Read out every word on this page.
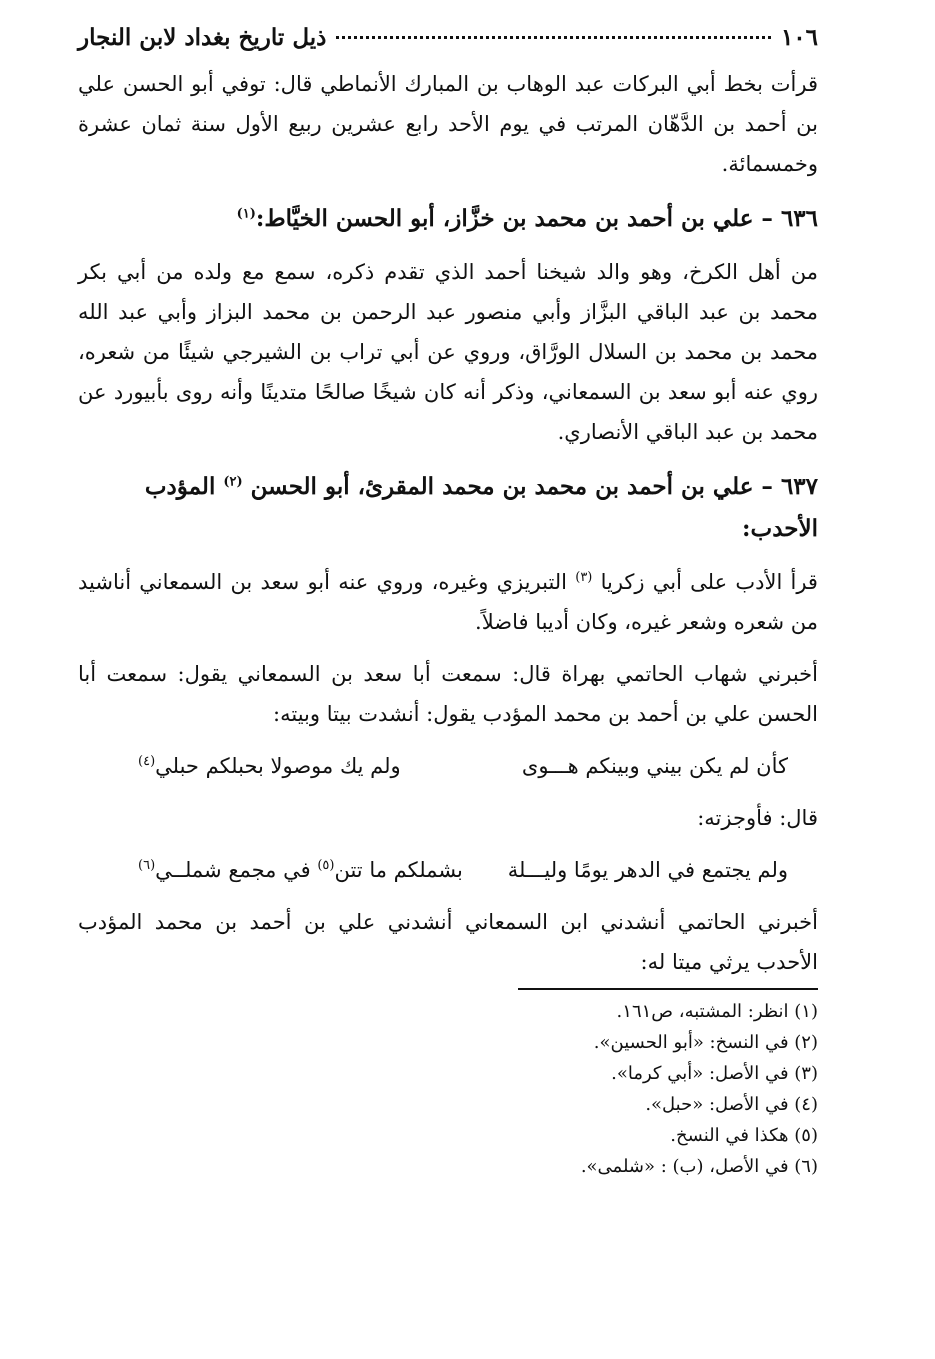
١٠٦
ذيل تاريخ بغداد لابن النجار

قرأت بخط أبي البركات عبد الوهاب بن المبارك الأنماطي قال: توفي أبو الحسن علي بن أحمد بن الدَّهّان المرتب في يوم الأحد رابع عشرين ربيع الأول سنة ثمان عشرة وخمسمائة.

٦٣٦ – علي بن أحمد بن محمد بن خزَّاز، أبو الحسن الخيَّاط:$^{(١)}$

من أهل الكرخ، وهو والد شيخنا أحمد الذي تقدم ذكره، سمع مع ولده من أبي بكر محمد بن عبد الباقي البزَّاز وأبي منصور عبد الرحمن بن محمد البزاز وأبي عبد الله محمد بن محمد بن السلال الورَّاق، وروي عن أبي تراب بن الشيرجي شيئًا من شعره، روي عنه أبو سعد بن السمعاني، وذكر أنه كان شيخًا صالحًا متدينًا وأنه روى بأبيورد عن محمد بن عبد الباقي الأنصاري.

٦٣٧ – علي بن أحمد بن محمد بن محمد المقرئ، أبو الحسن $^{(٢)}$ المؤدب الأحدب:

قرأ الأدب على أبي زكريا $^{(٣)}$ التبريزي وغيره، وروي عنه أبو سعد بن السمعاني أناشيد من شعره وشعر غيره، وكان أديبا فاضلاً.

أخبرني شهاب الحاتمي بهراة قال: سمعت أبا سعد بن السمعاني يقول: سمعت أبا الحسن علي بن أحمد بن محمد المؤدب يقول: أنشدت بيتا وبيته:

كأن لم يكن بيني وبينكم هـــوى
ولم يك موصولا بحبلكم حبلي$^{(٤)}$

قال: فأوجزته:

ولم يجتمع في الدهر يومًا وليـــلة
بشملكم ما تتن$^{(٥)}$ في مجمع شملــي$^{(٦)}$

أخبرني الحاتمي أنشدني ابن السمعاني أنشدني علي بن أحمد بن محمد المؤدب الأحدب يرثي ميتا له:

(١) انظر: المشتبه، ص١٦١.
(٢) في النسخ: «أبو الحسين».
(٣) في الأصل: «أبي كرما».
(٤) في الأصل: «حبل».
(٥) هكذا في النسخ.
(٦) في الأصل، (ب) : «شلمى».
